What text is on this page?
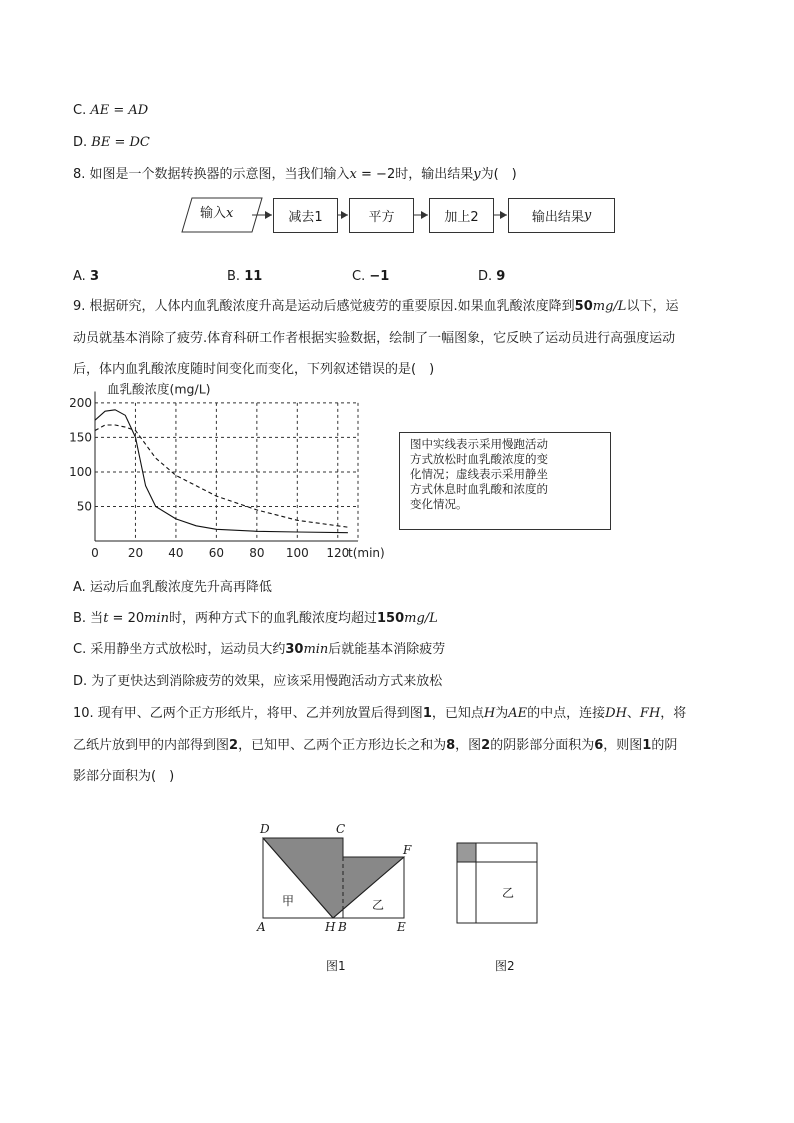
C. AE = AD
D. BE = DC
8. 如图是一个数据转换器的示意图，当我们输入x = −2时，输出结果y为(　)
输入x	减去1	平方	加上2	输出结果 y
A. 3	B. 11	C. −1	D. 9
9. 根据研究，人体内血乳酸浓度升高是运动后感觉疲劳的重要原因.如果血乳酸浓度降到50mg/L以下，运
动员就基本消除了疲劳.体育科研工作者根据实验数据，绘制了一幅图象，它反映了运动员进行高强度运动
后，体内血乳酸浓度随时间变化而变化，下列叙述错误的是(　)
0 20 40 60 80 100 120
50
100
150
200
血乳酸浓度(mg/L)
t(min)
图中实线表示采用慢跑活动
方式放松时血乳酸浓度的变
化情况；虚线表示采用静坐
方式休息时血乳酸和浓度的
变化情况。
A. 运动后血乳酸浓度先升高再降低
B. 当t = 20min时，两种方式下的血乳酸浓度均超过150mg/L
C. 采用静坐方式放松时，运动员大约30min后就能基本消除疲劳
D. 为了更快达到消除疲劳的效果，应该采用慢跑活动方式来放松
10. 现有甲、乙两个正方形纸片，将甲、乙并列放置后得到图1，已知点H为AE的中点，连接DH、FH，将
乙纸片放到甲的内部得到图2，已知甲、乙两个正方形边长之和为8，图2的阴影部分面积为6，则图1的阴
影部分面积为(　)
D	C
F
A	H B	E
甲	乙
图1
乙
图2
